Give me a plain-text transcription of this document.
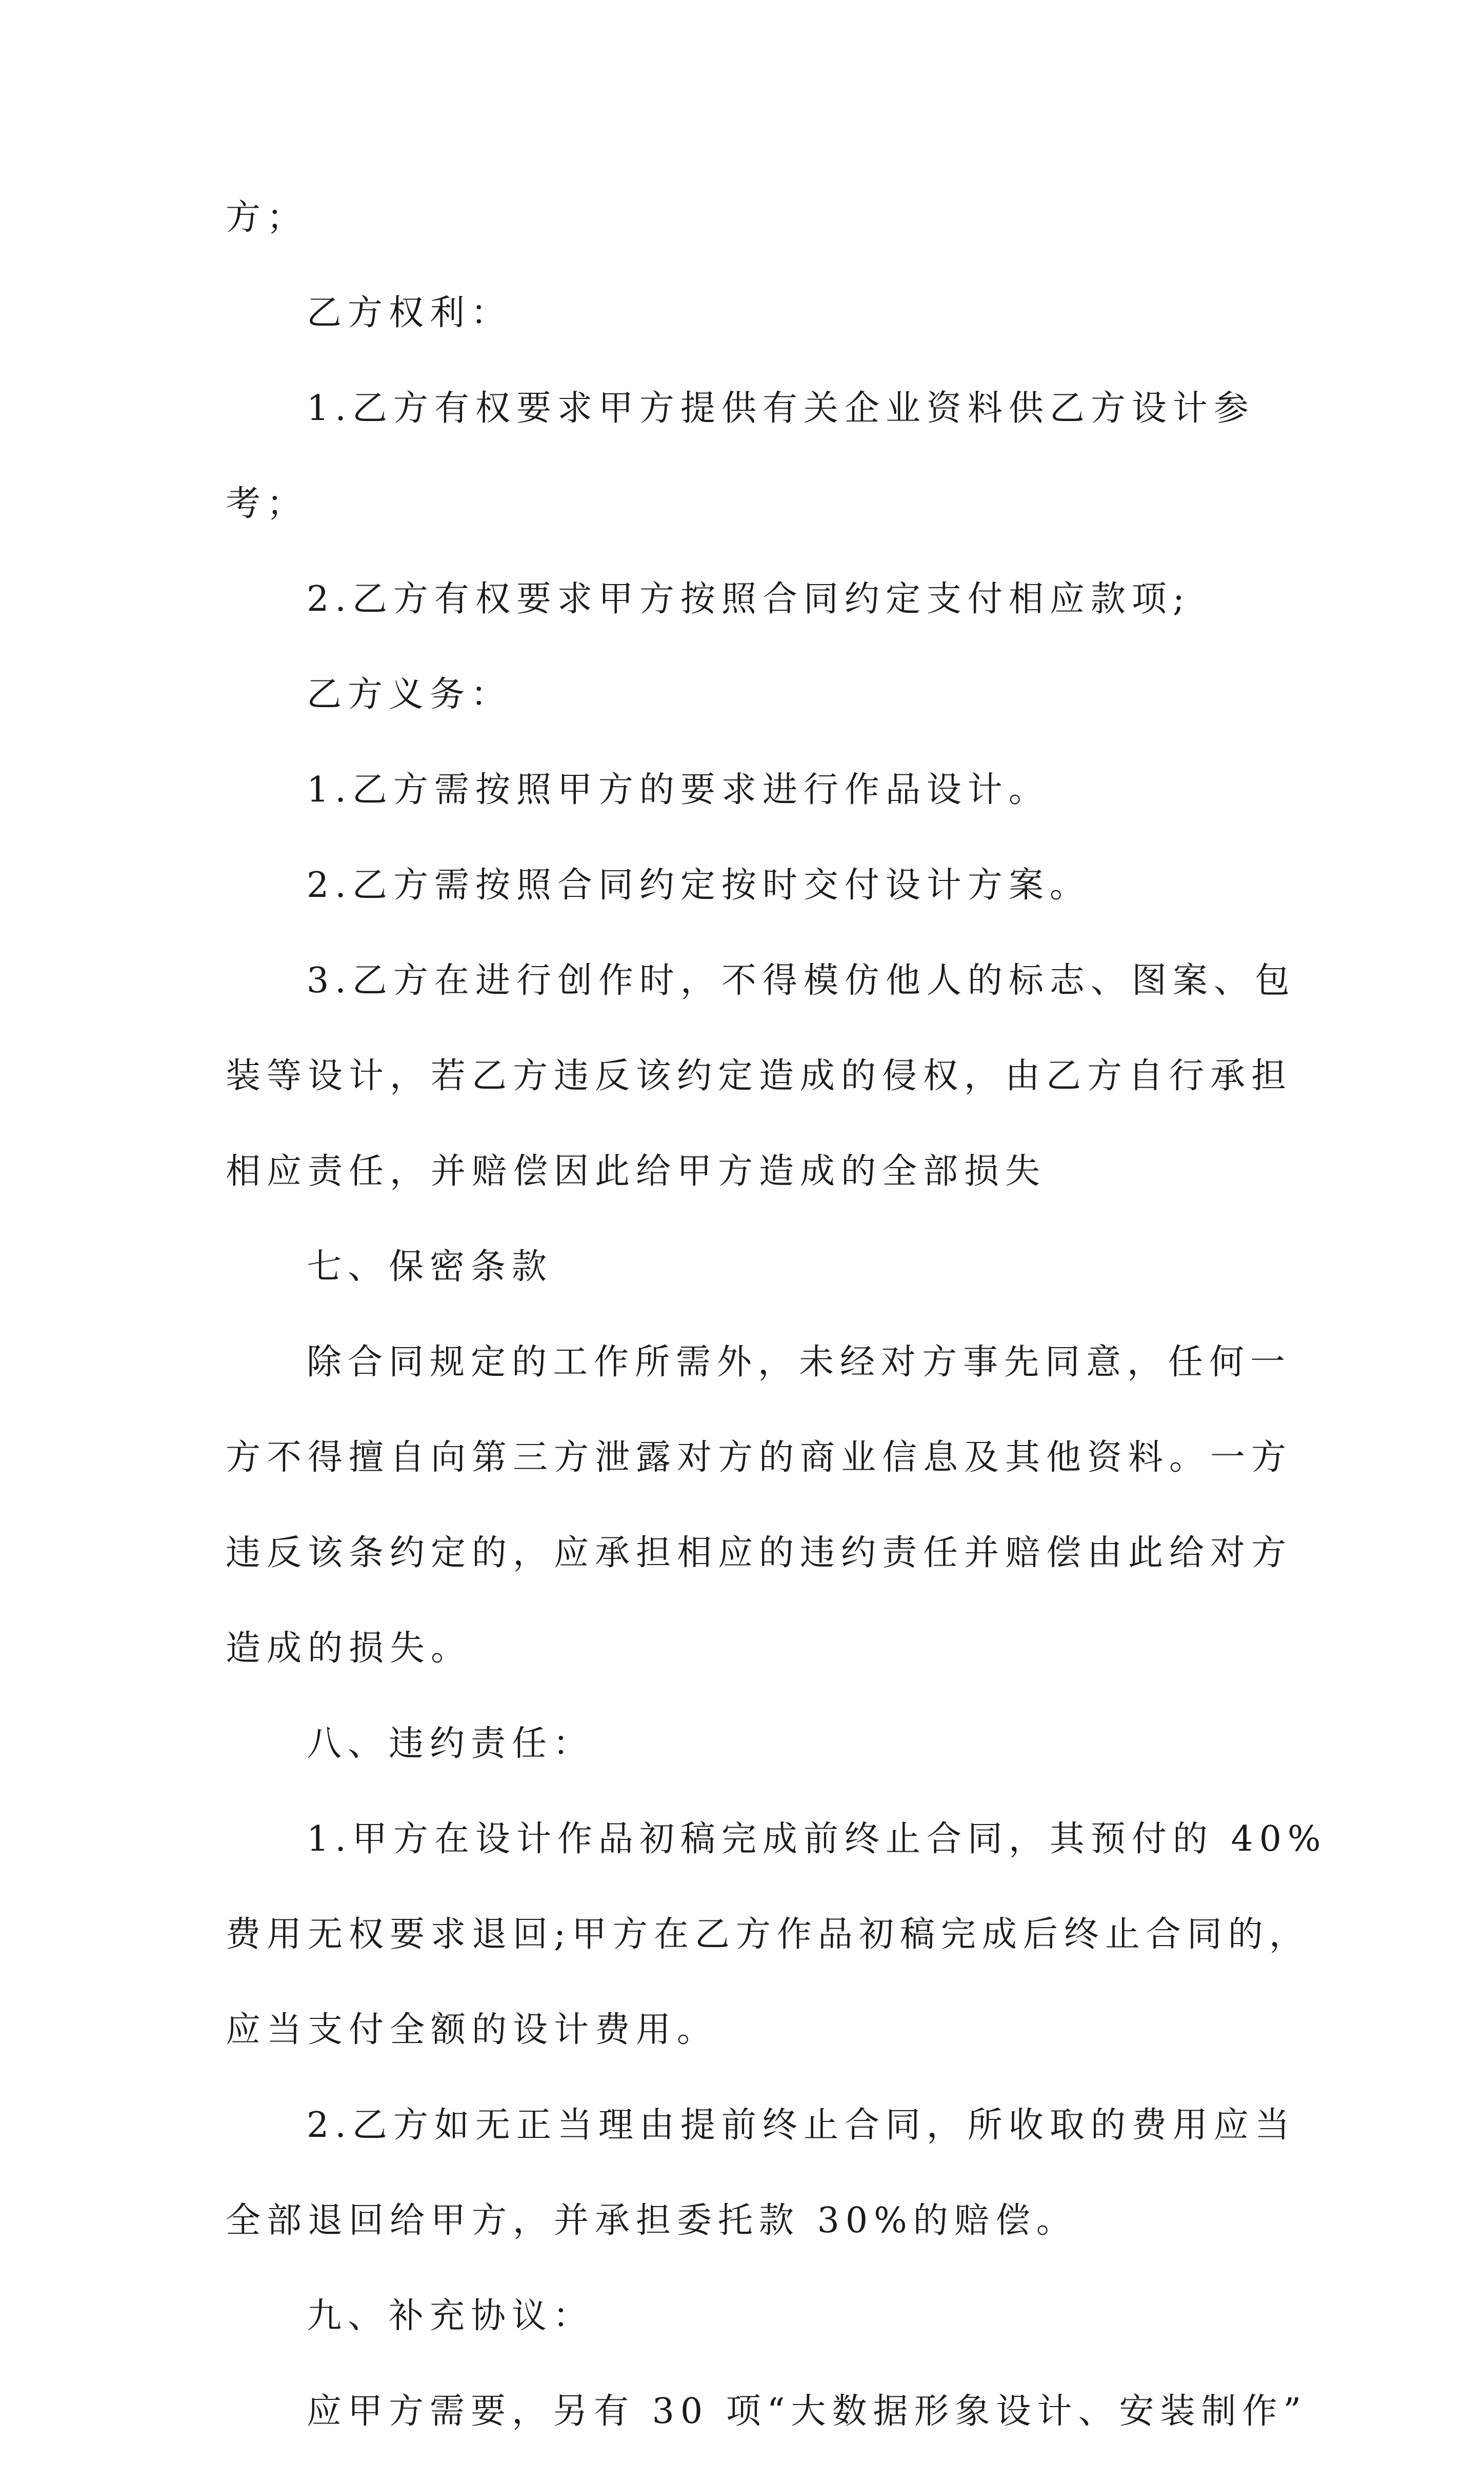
方；
乙方权利：
1.乙方有权要求甲方提供有关企业资料供乙方设计参
考；
2.乙方有权要求甲方按照合同约定支付相应款项;
乙方义务：
1.乙方需按照甲方的要求进行作品设计。
2.乙方需按照合同约定按时交付设计方案。
3.乙方在进行创作时，不得模仿他人的标志、图案、包
装等设计，若乙方违反该约定造成的侵权，由乙方自行承担
相应责任，并赔偿因此给甲方造成的全部损失
七、保密条款
除合同规定的工作所需外，未经对方事先同意，任何一
方不得擅自向第三方泄露对方的商业信息及其他资料。一方
违反该条约定的，应承担相应的违约责任并赔偿由此给对方
造成的损失。
八、违约责任：
1.甲方在设计作品初稿完成前终止合同，其预付的 40%
费用无权要求退回;甲方在乙方作品初稿完成后终止合同的，
应当支付全额的设计费用。
2.乙方如无正当理由提前终止合同，所收取的费用应当
全部退回给甲方，并承担委托款 30%的赔偿。
九、补充协议：
应甲方需要，另有 30 项“大数据形象设计、安装制作”
